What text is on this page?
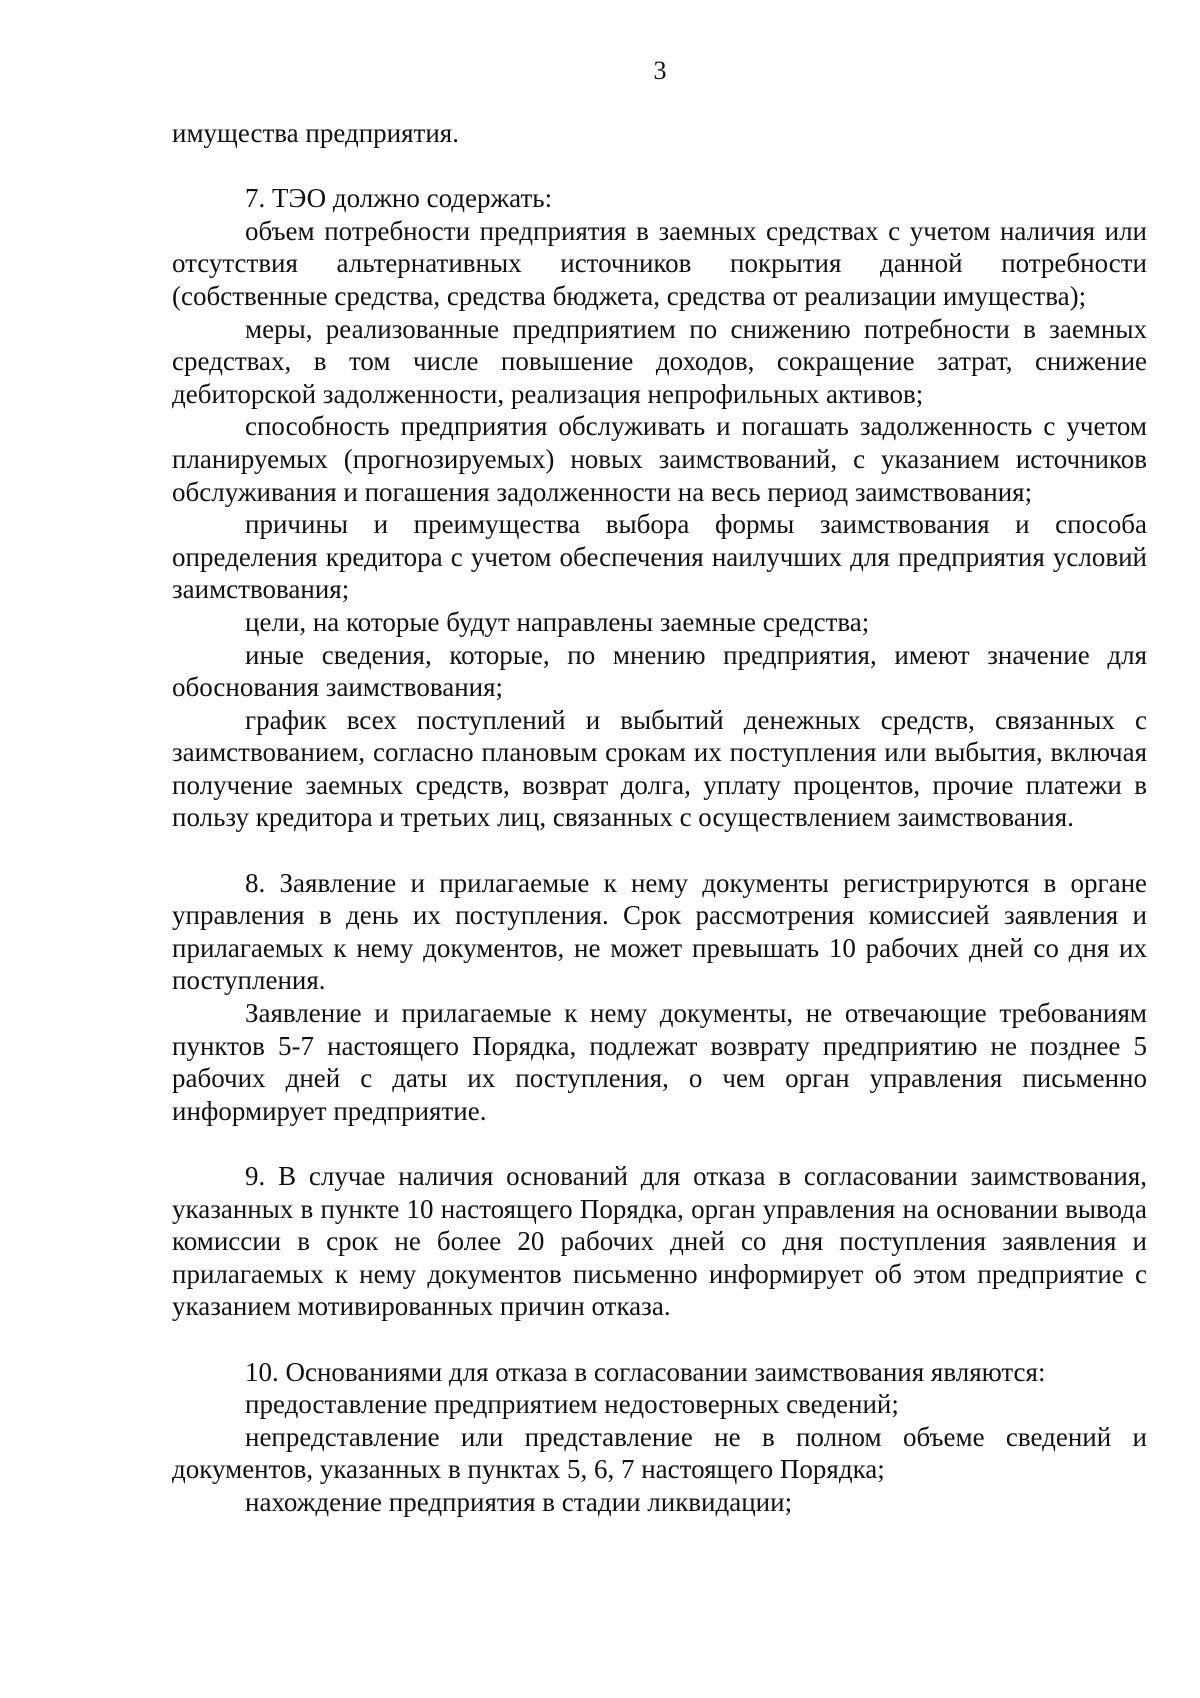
3

имущества предприятия.

7. ТЭО должно содержать:

объем потребности предприятия в заемных средствах с учетом наличия или отсутствия альтернативных источников покрытия данной потребности (собственные средства, средства бюджета, средства от реализации имущества);

меры, реализованные предприятием по снижению потребности в заемных средствах, в том числе повышение доходов, сокращение затрат, снижение дебиторской задолженности, реализация непрофильных активов;

способность предприятия обслуживать и погашать задолженность с учетом планируемых (прогнозируемых) новых заимствований, с указанием источников обслуживания и погашения задолженности на весь период заимствования;

причины и преимущества выбора формы заимствования и способа определения кредитора с учетом обеспечения наилучших для предприятия условий заимствования;

цели, на которые будут направлены заемные средства;

иные сведения, которые, по мнению предприятия, имеют значение для обоснования заимствования;

график всех поступлений и выбытий денежных средств, связанных с заимствованием, согласно плановым срокам их поступления или выбытия, включая получение заемных средств, возврат долга, уплату процентов, прочие платежи в пользу кредитора и третьих лиц, связанных с осуществлением заимствования.

8. Заявление и прилагаемые к нему документы регистрируются в органе управления в день их поступления. Срок рассмотрения комиссией заявления и прилагаемых к нему документов, не может превышать 10 рабочих дней со дня их поступления.

Заявление и прилагаемые к нему документы, не отвечающие требованиям пунктов 5-7 настоящего Порядка, подлежат возврату предприятию не позднее 5 рабочих дней с даты их поступления, о чем орган управления письменно информирует предприятие.

9. В случае наличия оснований для отказа в согласовании заимствования, указанных в пункте 10 настоящего Порядка, орган управления на основании вывода комиссии в срок не более 20 рабочих дней со дня поступления заявления и прилагаемых к нему документов письменно информирует об этом предприятие с указанием мотивированных причин отказа.

10. Основаниями для отказа в согласовании заимствования являются:

предоставление предприятием недостоверных сведений;

непредставление или представление не в полном объеме сведений и документов, указанных в пунктах 5, 6, 7 настоящего Порядка;

нахождение предприятия в стадии ликвидации;
